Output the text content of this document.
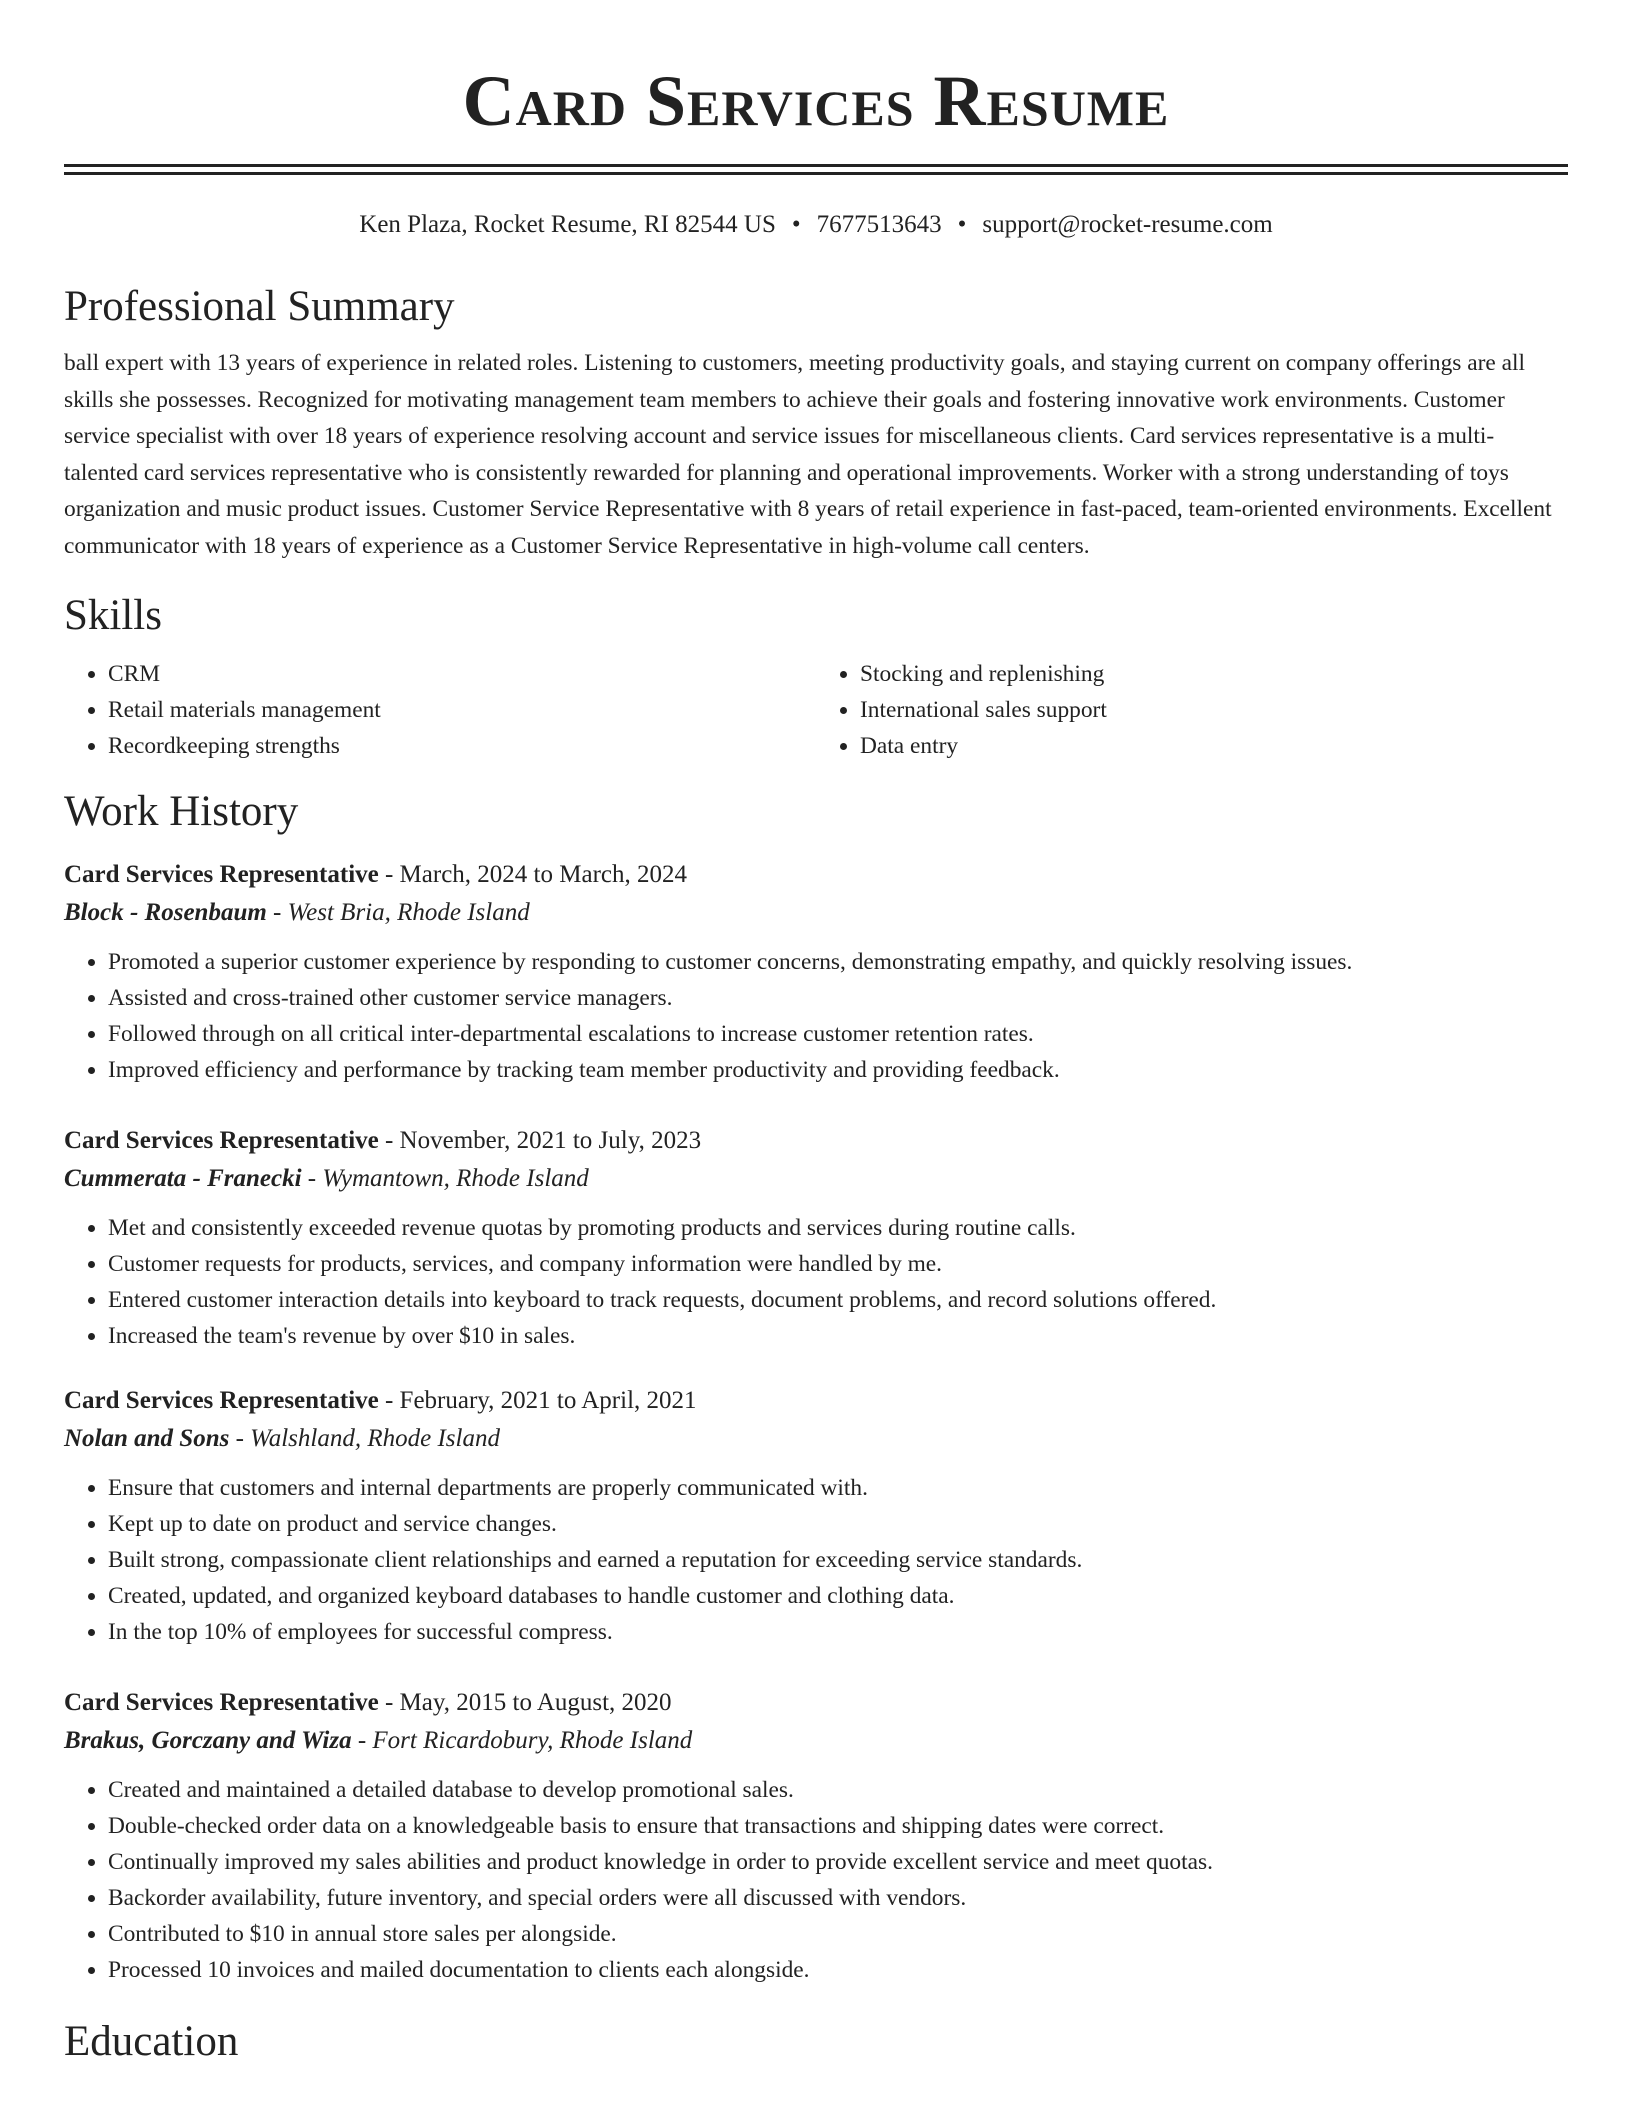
Card Services Resume
Ken Plaza, Rocket Resume, RI 82544 US • 7677513643 • support@rocket-resume.com
Professional Summary

ball expert with 13 years of experience in related roles. Listening to customers, meeting productivity goals, and staying current on company offerings are all skills she possesses. Recognized for motivating management team members to achieve their goals and fostering innovative work environments. Customer service specialist with over 18 years of experience resolving account and service issues for miscellaneous clients. Card services representative is a multi-talented card services representative who is consistently rewarded for planning and operational improvements. Worker with a strong understanding of toys organization and music product issues. Customer Service Representative with 8 years of retail experience in fast-paced, team-oriented environments. Excellent communicator with 18 years of experience as a Customer Service Representative in high-volume call centers.

Skills
• CRM
• Retail materials management
• Recordkeeping strengths
• Stocking and replenishing
• International sales support
• Data entry
Work History
Card Services Representative - March, 2024 to March, 2024
Block - Rosenbaum - West Bria, Rhode Island
• Promoted a superior customer experience by responding to customer concerns, demonstrating empathy, and quickly resolving issues.
• Assisted and cross-trained other customer service managers.
• Followed through on all critical inter-departmental escalations to increase customer retention rates.
• Improved efficiency and performance by tracking team member productivity and providing feedback.
Card Services Representative - November, 2021 to July, 2023
Cummerata - Franecki - Wymantown, Rhode Island
• Met and consistently exceeded revenue quotas by promoting products and services during routine calls.
• Customer requests for products, services, and company information were handled by me.
• Entered customer interaction details into keyboard to track requests, document problems, and record solutions offered.
• Increased the team's revenue by over $10 in sales.
Card Services Representative - February, 2021 to April, 2021
Nolan and Sons - Walshland, Rhode Island
• Ensure that customers and internal departments are properly communicated with.
• Kept up to date on product and service changes.
• Built strong, compassionate client relationships and earned a reputation for exceeding service standards.
• Created, updated, and organized keyboard databases to handle customer and clothing data.
• In the top 10% of employees for successful compress.
Card Services Representative - May, 2015 to August, 2020
Brakus, Gorczany and Wiza - Fort Ricardobury, Rhode Island
• Created and maintained a detailed database to develop promotional sales.
• Double-checked order data on a knowledgeable basis to ensure that transactions and shipping dates were correct.
• Continually improved my sales abilities and product knowledge in order to provide excellent service and meet quotas.
• Backorder availability, future inventory, and special orders were all discussed with vendors.
• Contributed to $10 in annual store sales per alongside.
• Processed 10 invoices and mailed documentation to clients each alongside.
Education
